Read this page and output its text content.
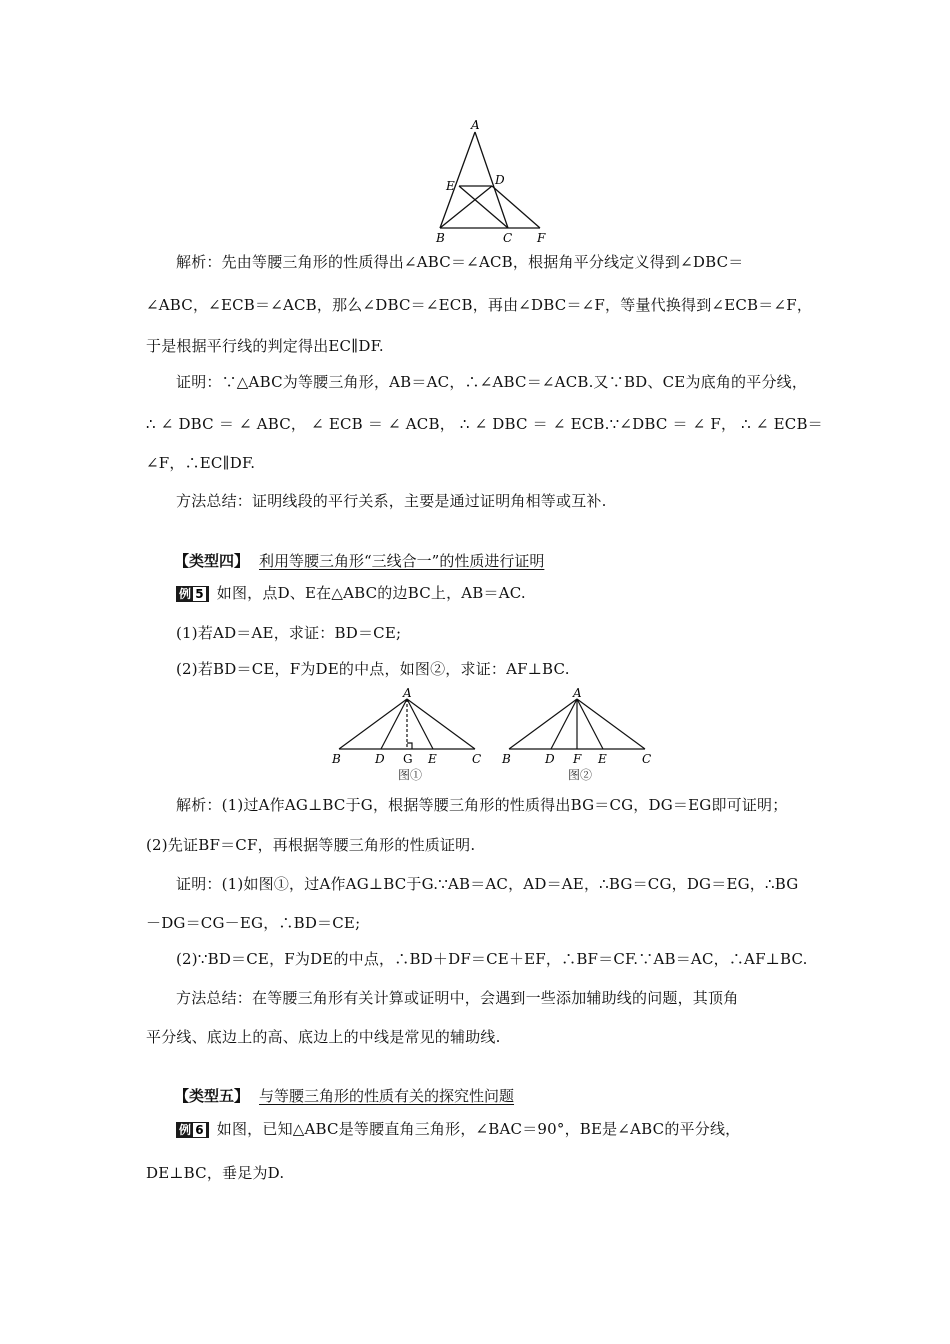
A
E	D
B	C F
解析：先由等腰三角形的性质得出∠ABC＝∠ACB，根据角平分线定义得到∠DBC＝
∠ABC，∠ECB＝∠ACB，那么∠DBC＝∠ECB，再由∠DBC＝∠F，等量代换得到∠ECB＝∠F，
于是根据平行线的判定得出EC∥DF.
证明：∵△ABC为等腰三角形，AB＝AC，∴∠ABC＝∠ACB.又∵BD、CE为底角的平分线，
∴ ∠ DBC ＝ ∠ ABC， ∠ ECB ＝ ∠ ACB， ∴ ∠ DBC ＝ ∠ ECB.∵∠DBC ＝ ∠ F， ∴ ∠ ECB＝
∠F，∴EC∥DF.
方法总结：证明线段的平行关系，主要是通过证明角相等或互补.
【类型四】 利用等腰三角形“三线合一”的性质进行证明
例 5 如图，点D、E在△ABC的边BC上，AB＝AC.
(1)若AD＝AE，求证：BD＝CE;
(2)若BD＝CE，F为DE的中点，如图②，求证：AF⊥BC.
A
B	D G E	C
图①
A
B	D F E	C
图②
解析：(1)过A作AG⊥BC于G，根据等腰三角形的性质得出BG＝CG，DG＝EG即可证明；
(2)先证BF＝CF，再根据等腰三角形的性质证明.
证明：(1)如图①，过A作AG⊥BC于G.∵AB＝AC，AD＝AE，∴BG＝CG，DG＝EG，∴BG
－DG＝CG－EG，∴BD＝CE;
(2)∵BD＝CE，F为DE的中点，∴BD＋DF＝CE＋EF，∴BF＝CF.∵AB＝AC，∴AF⊥BC.
方法总结：在等腰三角形有关计算或证明中，会遇到一些添加辅助线的问题，其顶角
平分线、底边上的高、底边上的中线是常见的辅助线.
【类型五】 与等腰三角形的性质有关的探究性问题
例 6 如图，已知△ABC是等腰直角三角形，∠BAC＝90°，BE是∠ABC的平分线，
DE⊥BC，垂足为D.
